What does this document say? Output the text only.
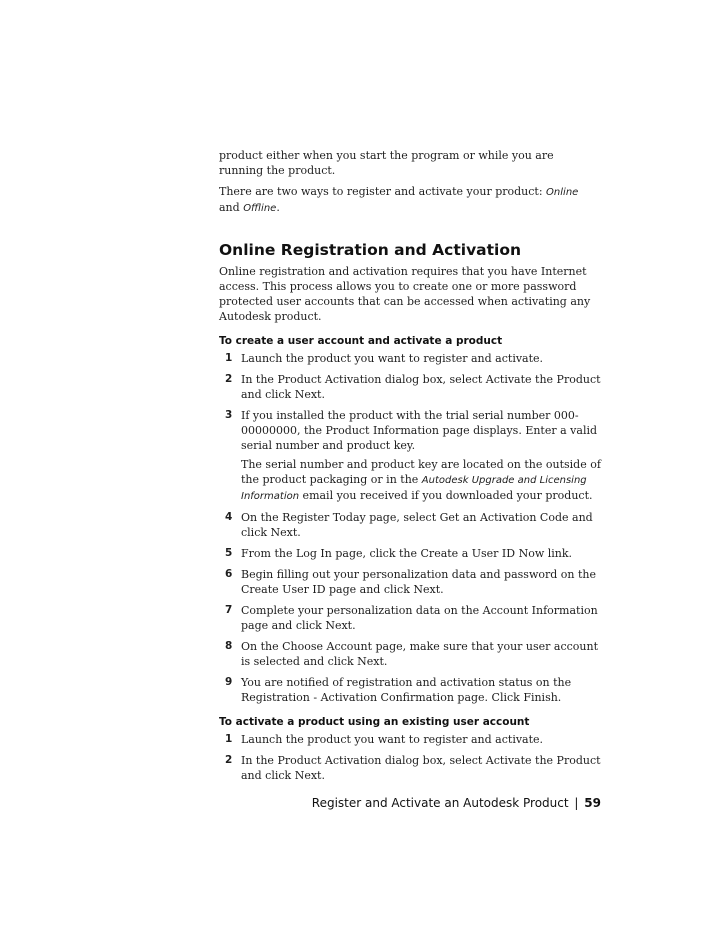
product either when you start the program or while you are running the product.

There are two ways to register and activate your product: Online and Offline.

Online Registration and Activation

Online registration and activation requires that you have Internet access. This process allows you to create one or more password protected user accounts that can be accessed when activating any Autodesk product.

To create a user account and activate a product
1 Launch the product you want to register and activate.

2 In the Product Activation dialog box, select Activate the Product and click Next.

3 If you installed the product with the trial serial number 000-00000000, the Product Information page displays. Enter a valid serial number and product key.

The serial number and product key are located on the outside of the product packaging or in the Autodesk Upgrade and Licensing Information email you received if you downloaded your product.

4 On the Register Today page, select Get an Activation Code and click Next.

5 From the Log In page, click the Create a User ID Now link.

6 Begin filling out your personalization data and password on the Create User ID page and click Next.

7 Complete your personalization data on the Account Information page and click Next.

8 On the Choose Account page, make sure that your user account is selected and click Next.

9 You are notified of registration and activation status on the Registration - Activation Confirmation page. Click Finish.

To activate a product using an existing user account
1 Launch the product you want to register and activate.

2 In the Product Activation dialog box, select Activate the Product and click Next.

Register and Activate an Autodesk Product | 59
